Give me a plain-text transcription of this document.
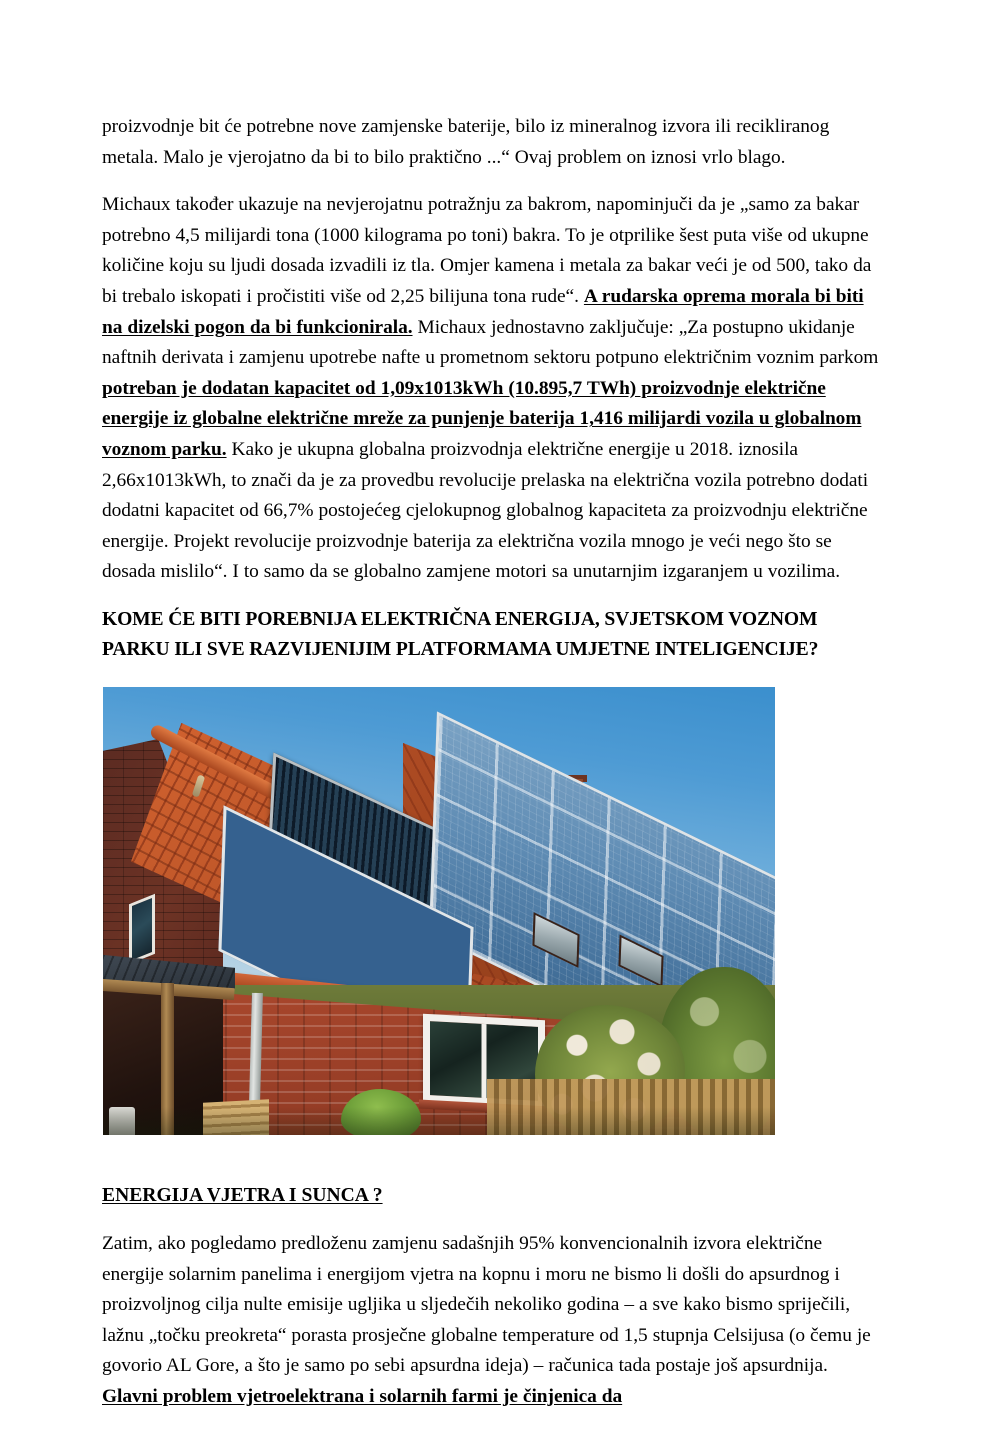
proizvodnje bit će potrebne nove zamjenske baterije, bilo iz mineralnog izvora ili recikliranog metala. Malo je vjerojatno da bi to bilo praktično ...“ Ovaj problem on iznosi vrlo blago.

Michaux također ukazuje na nevjerojatnu potražnju za bakrom, napominjuči da je „samo za bakar potrebno 4,5 milijardi tona (1000 kilograma po toni) bakra. To je otprilike šest puta više od ukupne količine koju su ljudi dosada izvadili iz tla. Omjer kamena i metala za bakar veći je od 500, tako da bi trebalo iskopati i pročistiti više od 2,25 bilijuna tona rude“. A rudarska oprema morala bi biti na dizelski pogon da bi funkcionirala. Michaux jednostavno zaključuje: „Za postupno ukidanje naftnih derivata i zamjenu upotrebe nafte u prometnom sektoru potpuno električnim voznim parkom potreban je dodatan kapacitet od 1,09x1013kWh (10.895,7 TWh) proizvodnje električne energije iz globalne električne mreže za punjenje baterija 1,416 milijardi vozila u globalnom voznom parku. Kako je ukupna globalna proizvodnja električne energije u 2018. iznosila 2,66x1013kWh, to znači da je za provedbu revolucije prelaska na električna vozila potrebno dodati dodatni kapacitet od 66,7% postojećeg cjelokupnog globalnog kapaciteta za proizvodnju električne energije. Projekt revolucije proizvodnje baterija za električna vozila mnogo je veći nego što se dosada mislilo“. I to samo da se globalno zamjene motori sa unutarnjim izgaranjem u vozilima.

KOME ĆE BITI POREBNIJA ELEKTRIČNA ENERGIJA, SVJETSKOM VOZNOM PARKU ILI SVE RAZVIJENIJIM PLATFORMAMA UMJETNE INTELIGENCIJE?
ENERGIJA VJETRA I SUNCA ?

Zatim, ako pogledamo predloženu zamjenu sadašnjih 95% konvencionalnih izvora električne energije solarnim panelima i energijom vjetra na kopnu i moru ne bismo li došli do apsurdnog i proizvoljnog cilja nulte emisije ugljika u sljedečih nekoliko godina – a sve kako bismo spriječili, lažnu „točku preokreta“ porasta prosječne globalne temperature od 1,5 stupnja Celsijusa (o čemu je govorio AL Gore, a što je samo po sebi apsurdna ideja) – računica tada postaje još apsurdnija. Glavni problem vjetroelektrana i solarnih farmi je činjenica da
